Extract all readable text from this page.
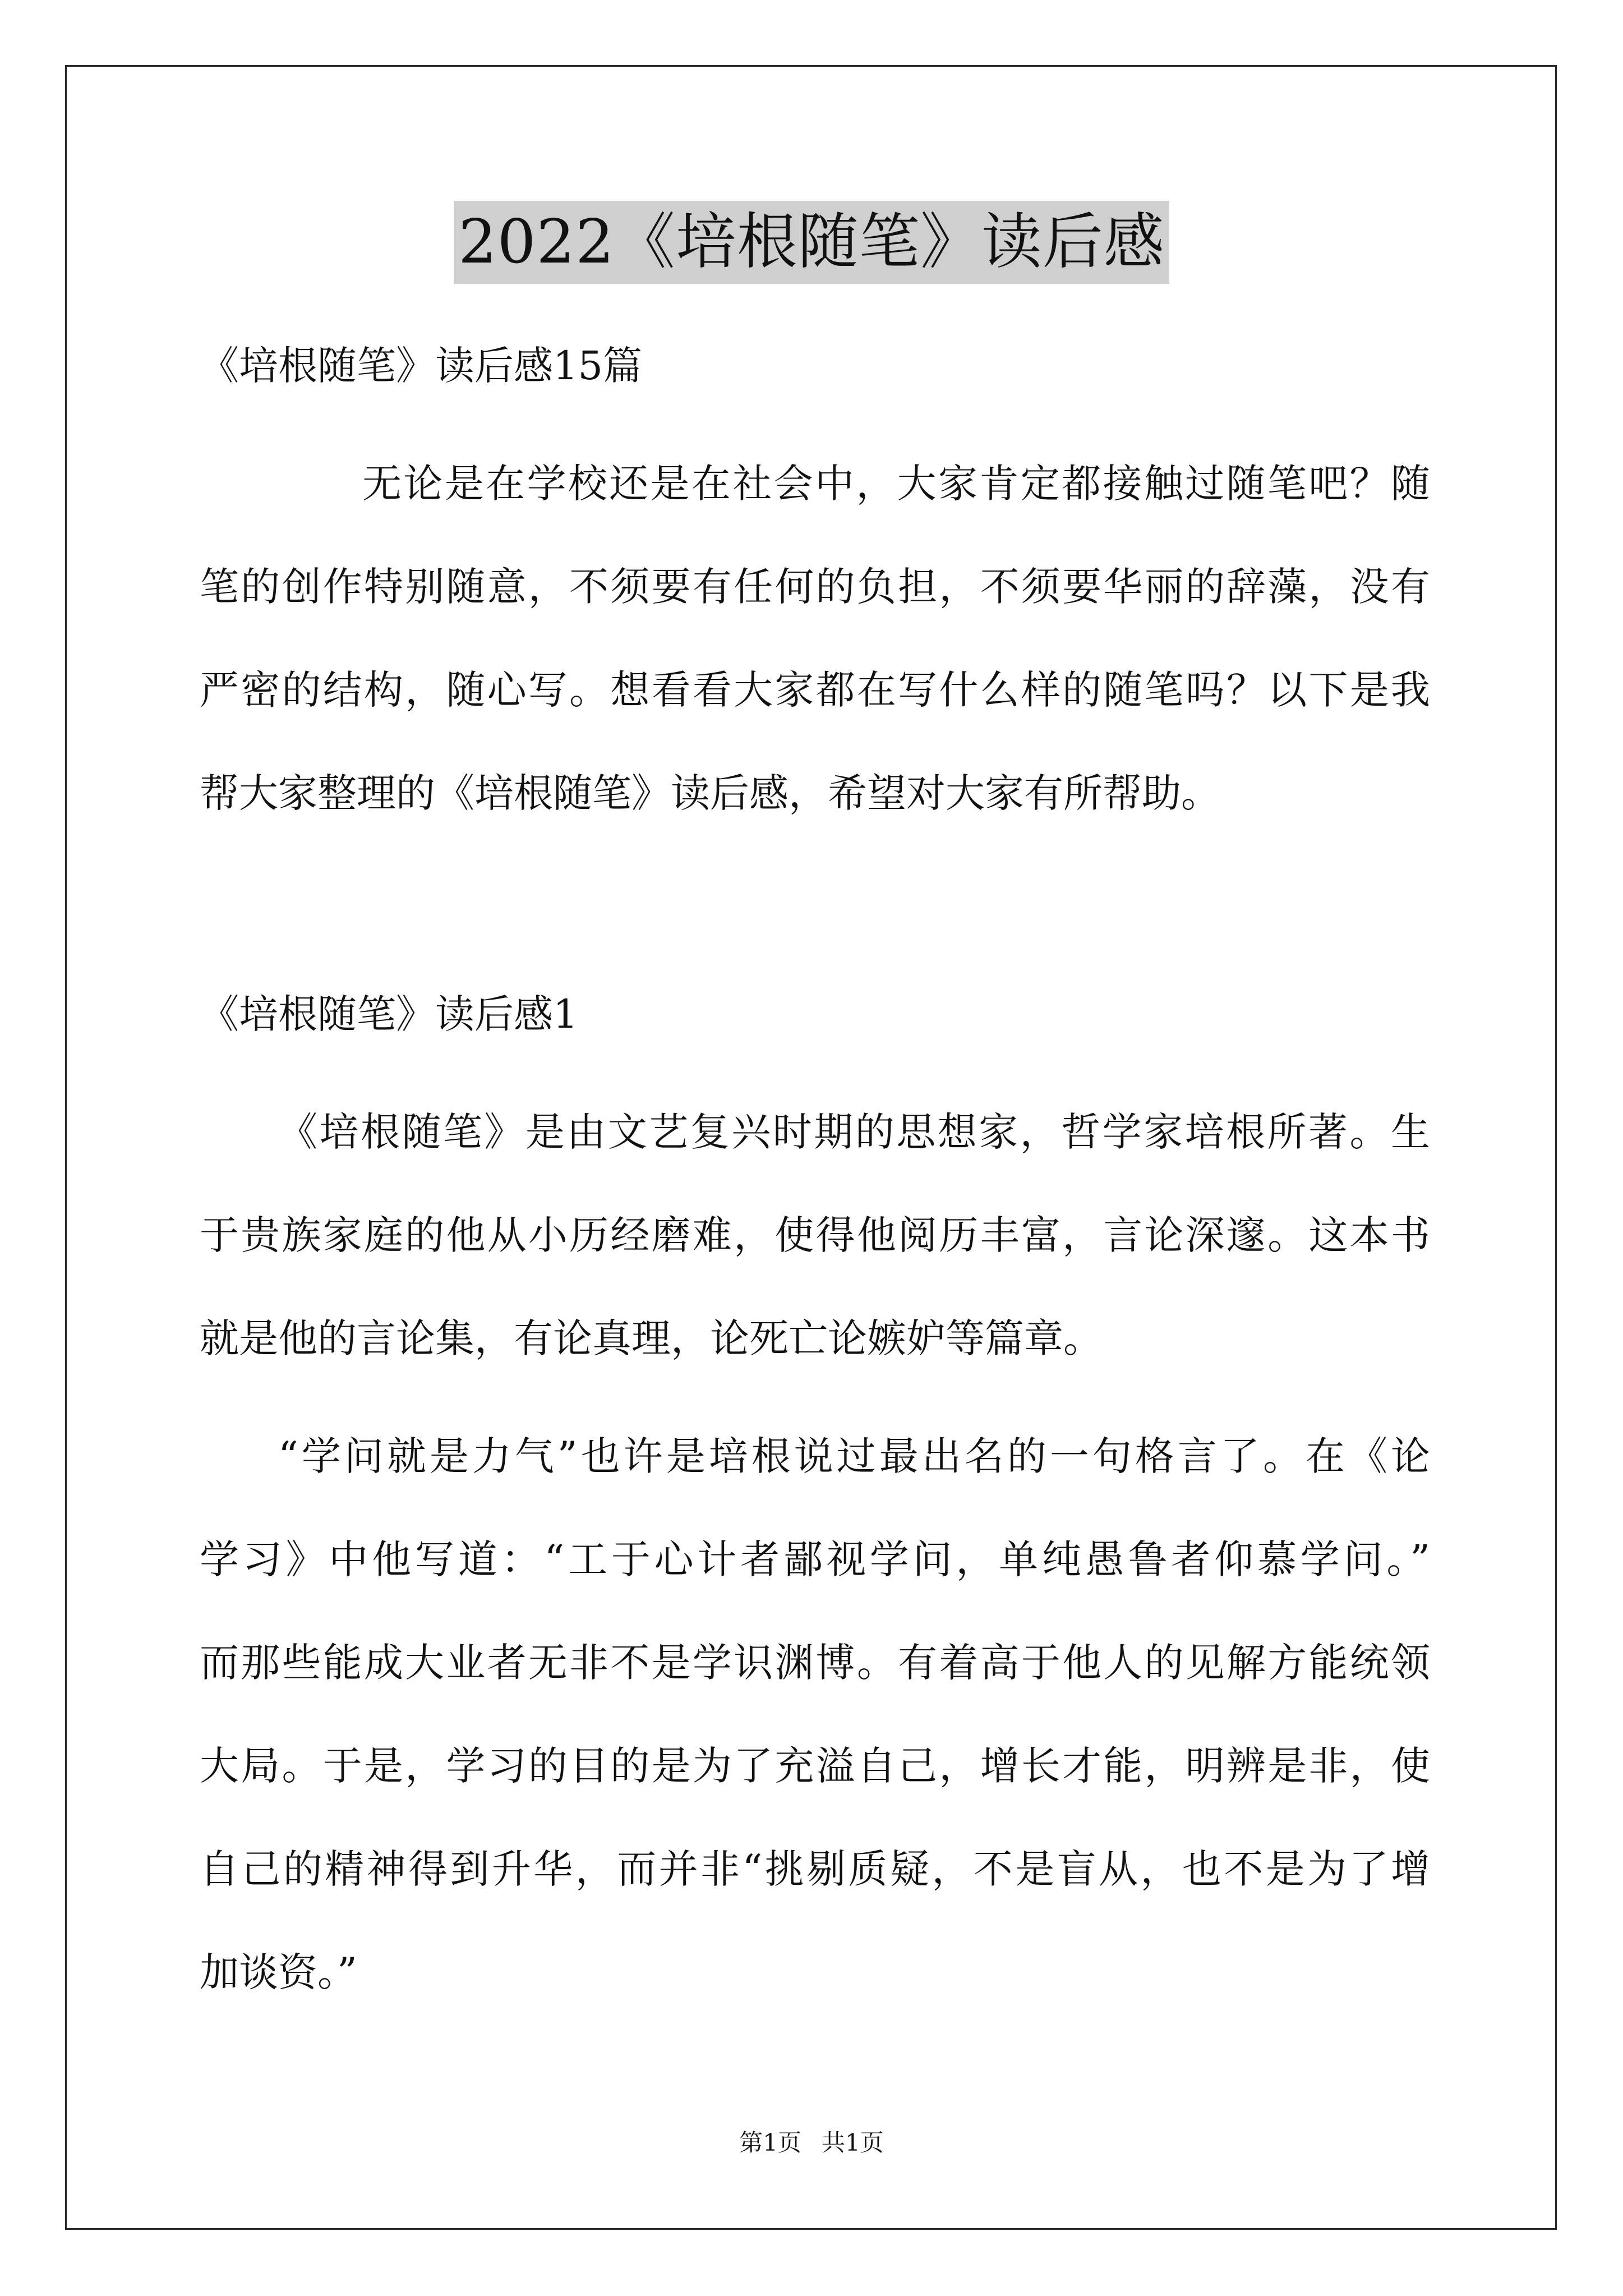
2022《培根随笔》读后感
《培根随笔》读后感15篇
无论是在学校还是在社会中，大家肯定都接触过随笔吧？随
笔的创作特别随意，不须要有任何的负担，不须要华丽的辞藻，没有
严密的结构，随心写。想看看大家都在写什么样的随笔吗？以下是我
帮大家整理的《培根随笔》读后感，希望对大家有所帮助。
《培根随笔》读后感1
《培根随笔》是由文艺复兴时期的思想家，哲学家培根所著。生
于贵族家庭的他从小历经磨难，使得他阅历丰富，言论深邃。这本书
就是他的言论集，有论真理，论死亡论嫉妒等篇章。
“学问就是力气”也许是培根说过最出名的一句格言了。在《论
学习》中他写道：“工于心计者鄙视学问，单纯愚鲁者仰慕学问。”
而那些能成大业者无非不是学识渊博。有着高于他人的见解方能统领
大局。于是，学习的目的是为了充溢自己，增长才能，明辨是非，使
自己的精神得到升华，而并非“挑剔质疑，不是盲从，也不是为了增
加谈资。”
第1页 共1页
